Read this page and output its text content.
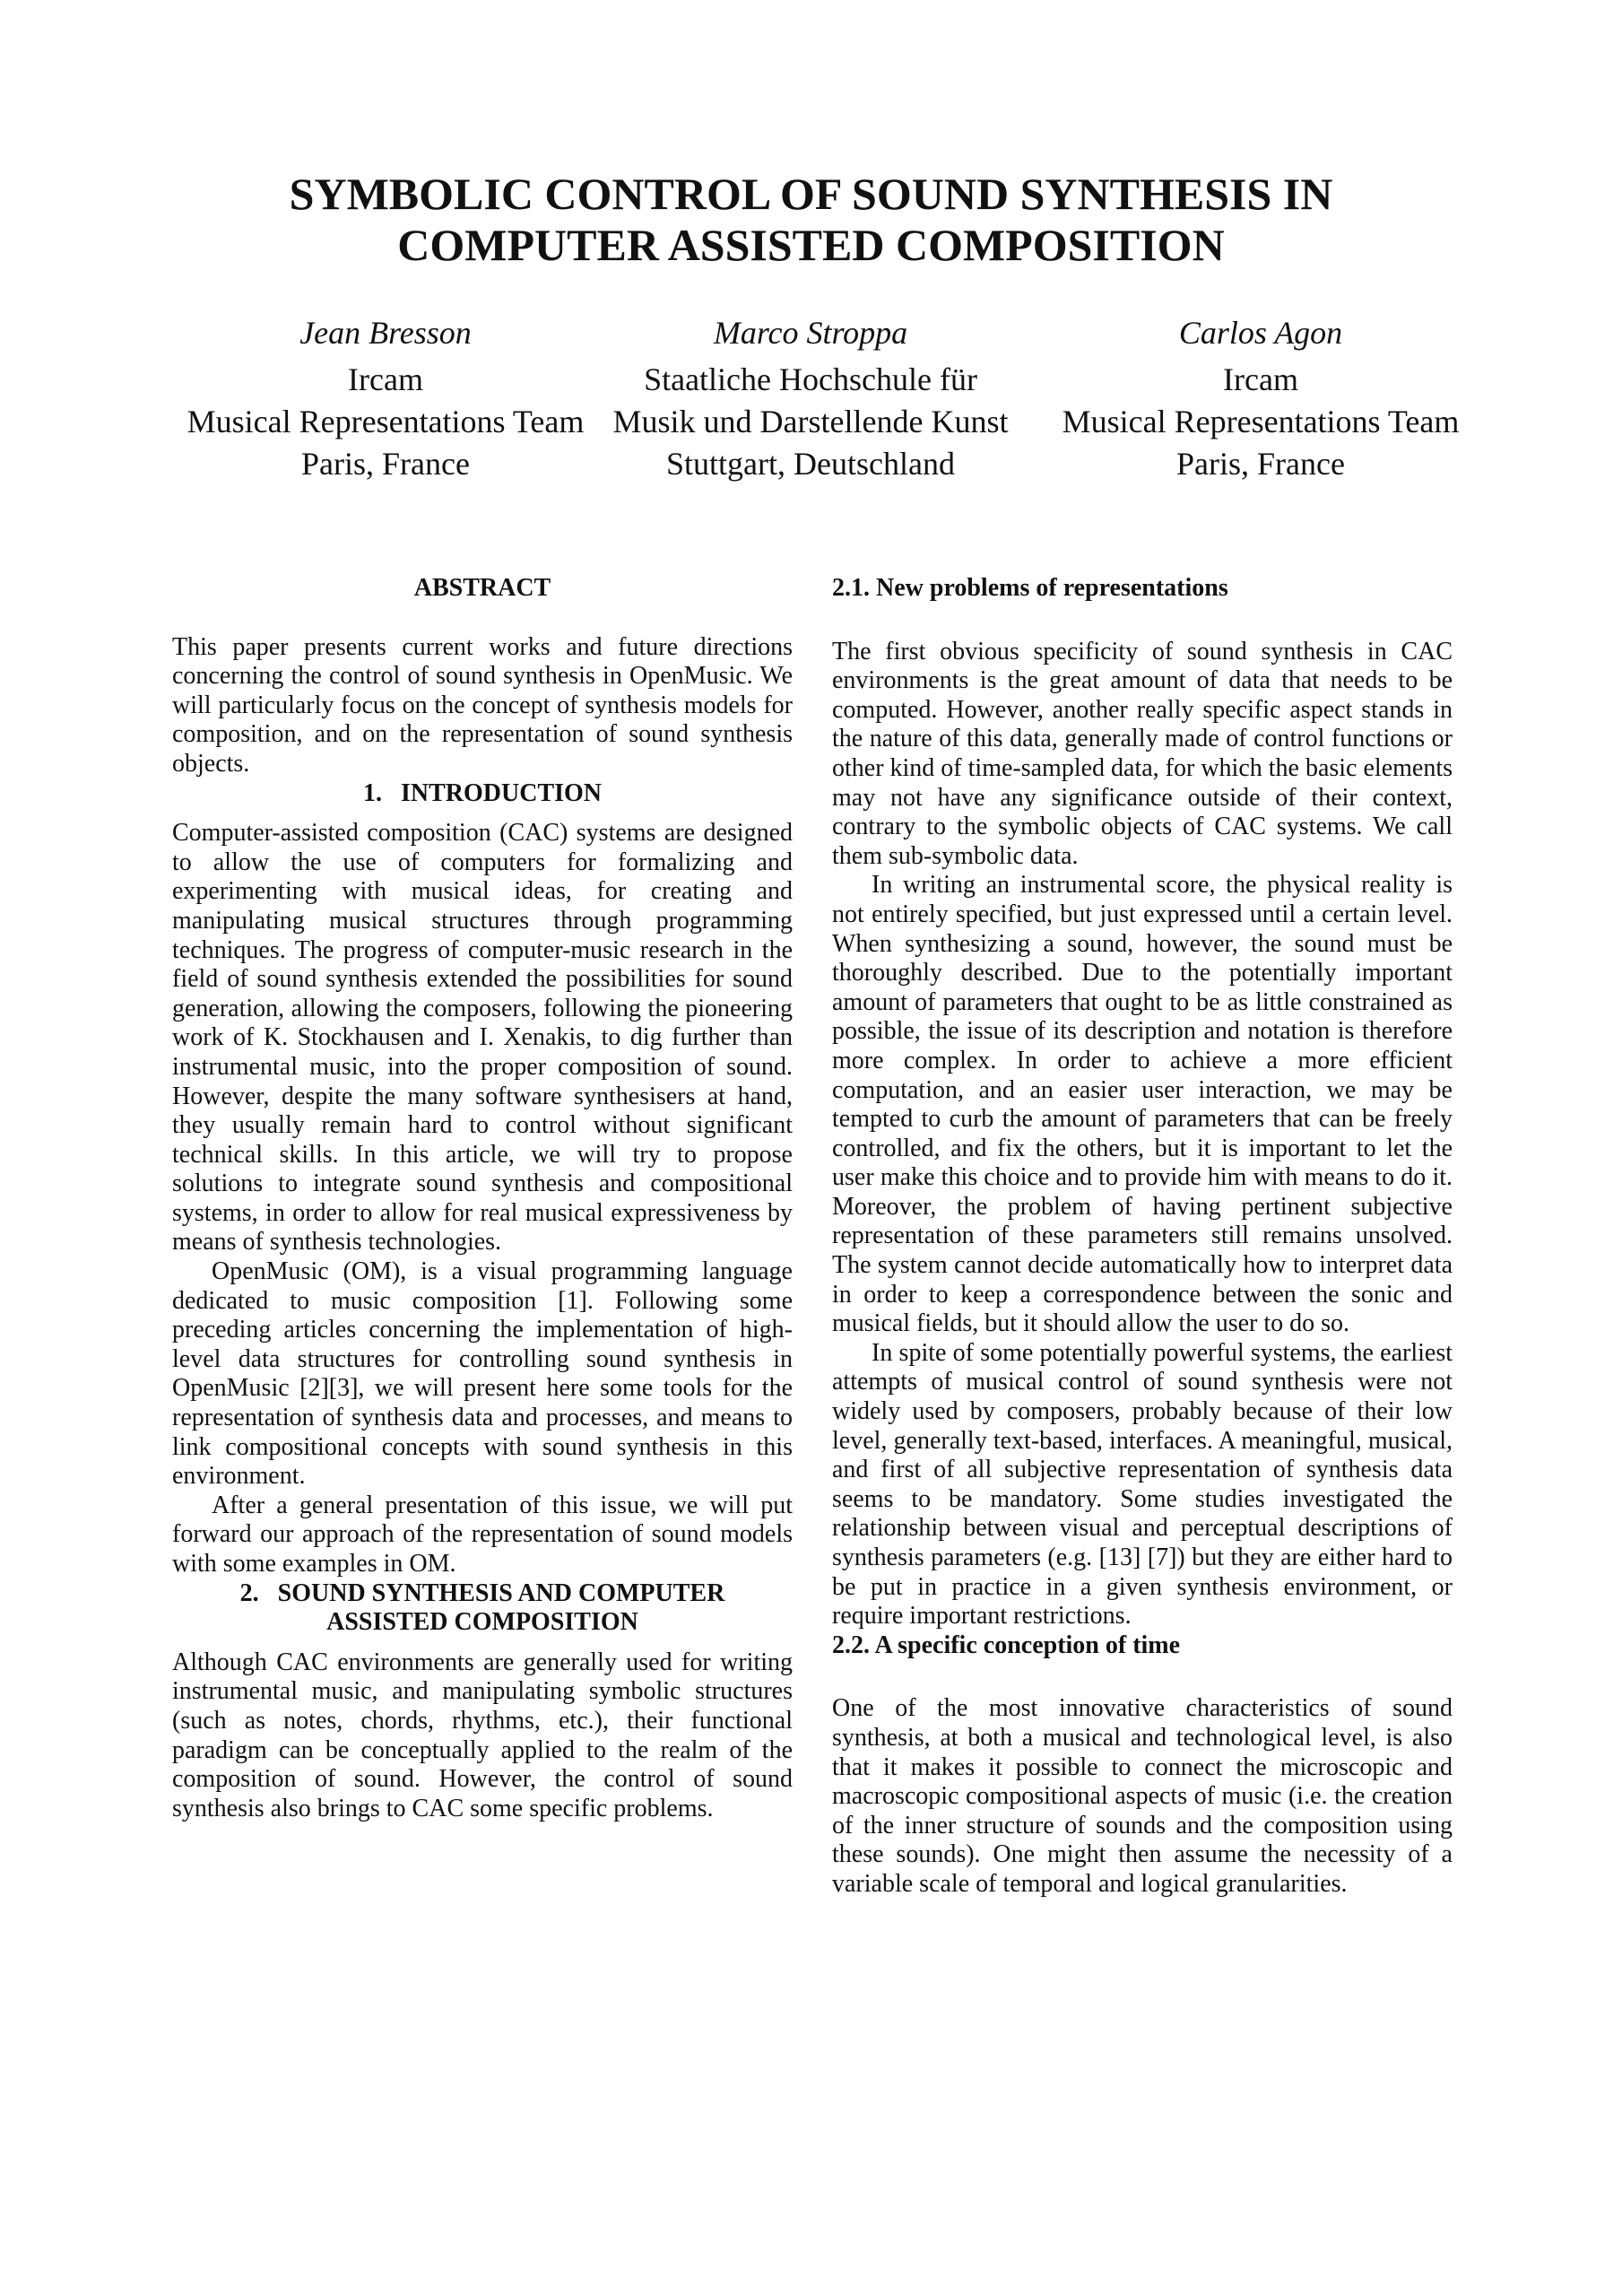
SYMBOLIC CONTROL OF SOUND SYNTHESIS IN
COMPUTER ASSISTED COMPOSITION
Jean Bresson
Ircam
Musical Representations Team
Paris, France
Marco Stroppa
Staatliche Hochschule für
Musik und Darstellende Kunst
Stuttgart, Deutschland
Carlos Agon
Ircam
Musical Representations Team
Paris, France
ABSTRACT

This paper presents current works and future directions concerning the control of sound synthesis in OpenMusic. We will particularly focus on the concept of synthesis models for composition, and on the representation of sound synthesis objects.

1.   INTRODUCTION

Computer-assisted composition (CAC) systems are designed to allow the use of computers for formalizing and experimenting with musical ideas, for creating and manipulating musical structures through programming techniques. The progress of computer-music research in the field of sound synthesis extended the possibilities for sound generation, allowing the composers, following the pioneering work of K. Stockhausen and I. Xenakis, to dig further than instrumental music, into the proper composition of sound. However, despite the many software synthesisers at hand, they usually remain hard to control without significant technical skills. In this article, we will try to propose solutions to integrate sound synthesis and compositional systems, in order to allow for real musical expressiveness by means of synthesis technologies.

OpenMusic (OM), is a visual programming language dedicated to music composition [1]. Following some preceding articles concerning the implementation of high-level data structures for controlling sound synthesis in OpenMusic [2][3], we will present here some tools for the representation of synthesis data and processes, and means to link compositional concepts with sound synthesis in this environment.

After a general presentation of this issue, we will put forward our approach of the representation of sound models with some examples in OM.

2.   SOUND SYNTHESIS AND COMPUTER
ASSISTED COMPOSITION

Although CAC environments are generally used for writing instrumental music, and manipulating symbolic structures (such as notes, chords, rhythms, etc.), their functional paradigm can be conceptually applied to the realm of the composition of sound. However, the control of sound synthesis also brings to CAC some specific problems.

2.1. New problems of representations

The first obvious specificity of sound synthesis in CAC environments is the great amount of data that needs to be computed. However, another really specific aspect stands in the nature of this data, generally made of control functions or other kind of time-sampled data, for which the basic elements may not have any significance outside of their context, contrary to the symbolic objects of CAC systems. We call them sub-symbolic data.

In writing an instrumental score, the physical reality is not entirely specified, but just expressed until a certain level. When synthesizing a sound, however, the sound must be thoroughly described. Due to the potentially important amount of parameters that ought to be as little constrained as possible, the issue of its description and notation is therefore more complex. In order to achieve a more efficient computation, and an easier user interaction, we may be tempted to curb the amount of parameters that can be freely controlled, and fix the others, but it is important to let the user make this choice and to provide him with means to do it. Moreover, the problem of having pertinent subjective representation of these parameters still remains unsolved. The system cannot decide automatically how to interpret data in order to keep a correspondence between the sonic and musical fields, but it should allow the user to do so.

In spite of some potentially powerful systems, the earliest attempts of musical control of sound synthesis were not widely used by composers, probably because of their low level, generally text-based, interfaces. A meaningful, musical, and first of all subjective representation of synthesis data seems to be mandatory. Some studies investigated the relationship between visual and perceptual descriptions of synthesis parameters (e.g. [13] [7]) but they are either hard to be put in practice in a given synthesis environment, or require important restrictions.

2.2. A specific conception of time

One of the most innovative characteristics of sound synthesis, at both a musical and technological level, is also that it makes it possible to connect the microscopic and macroscopic compositional aspects of music (i.e. the creation of the inner structure of sounds and the composition using these sounds). One might then assume the necessity of a variable scale of temporal and logical granularities.
